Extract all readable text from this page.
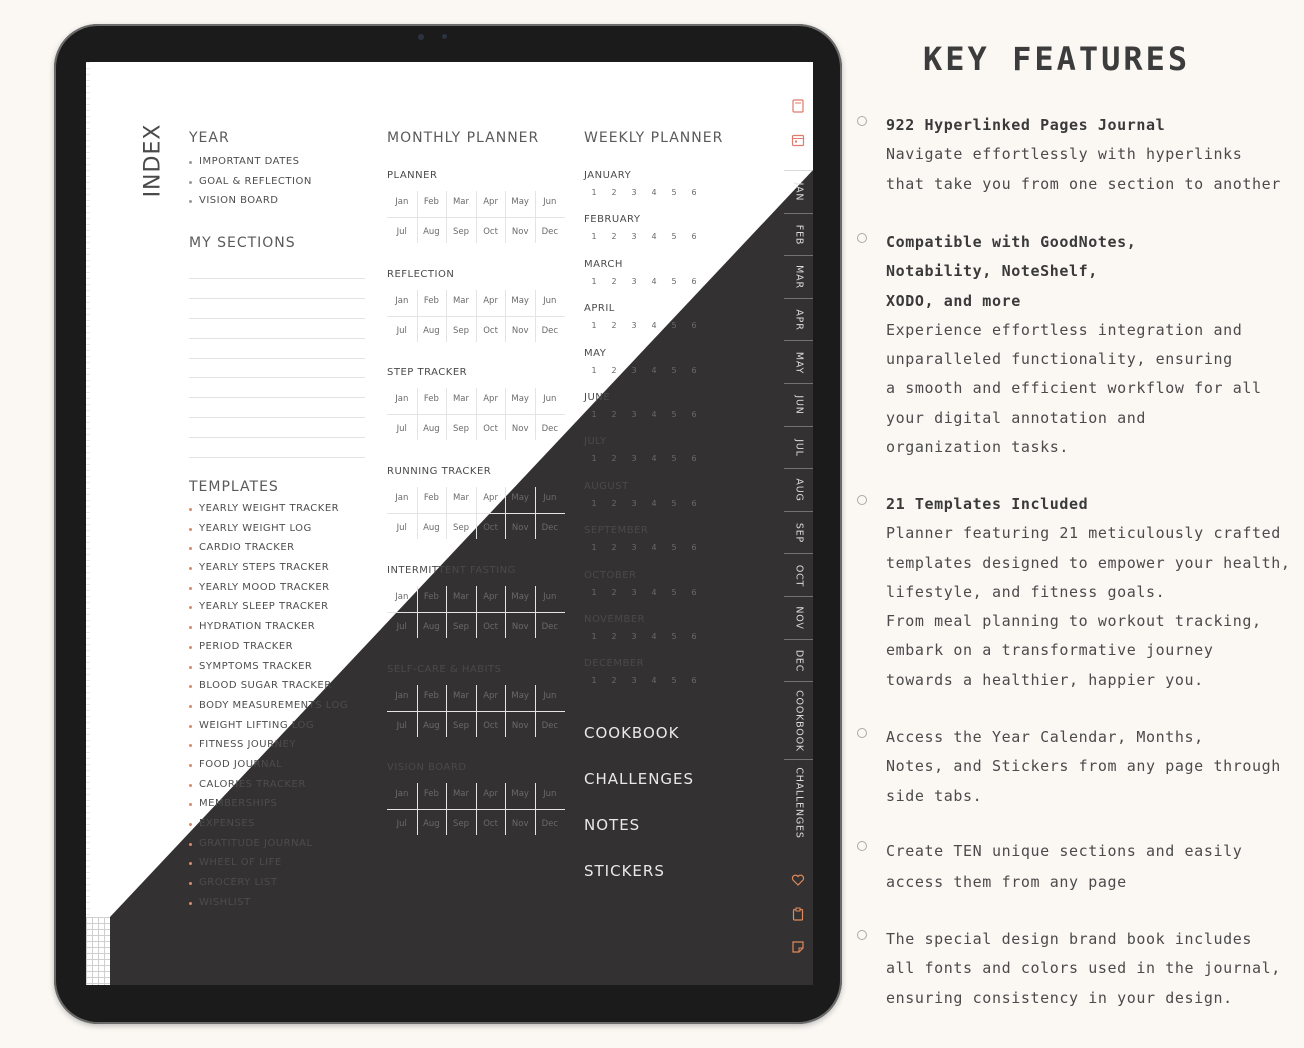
INDEX YEAR
IMPORTANT DATES
GOAL & REFLECTION
VISION BOARD
MY SECTIONS
TEMPLATES
YEARLY WEIGHT TRACKER
YEARLY WEIGHT LOG
CARDIO TRACKER
YEARLY STEPS TRACKER
YEARLY MOOD TRACKER
YEARLY SLEEP TRACKER
HYDRATION TRACKER
PERIOD TRACKER
SYMPTOMS TRACKER
BLOOD SUGAR TRACKER
BODY MEASUREMENTS LOG
WEIGHT LIFTING LOG
FITNESS JOURNEY
FOOD JOURNAL
CALORIES TRACKER
MEMBERSHIPS
EXPENSES
GRATITUDE JOURNAL
WHEEL OF LIFE
GROCERY LIST
WISHLIST
MONTHLY PLANNER
PLANNER
Jan	Feb	Mar	Apr	May	Jun
Jul	Aug	Sep	Oct	Nov	Dec
REFLECTION
Jan	Feb	Mar	Apr	May	Jun
Jul	Aug	Sep	Oct	Nov	Dec
STEP TRACKER
Jan	Feb	Mar	Apr	May	Jun
Jul	Aug	Sep	Oct	Nov	Dec
RUNNING TRACKER
Jan	Feb	Mar	Apr	May	Jun
Jul	Aug	Sep	Oct	Nov	Dec
INTERMITTENT FASTING
Jan	Feb	Mar	Apr	May	Jun
Jul	Aug	Sep	Oct	Nov	Dec
SELF-CARE & HABITS
Jan	Feb	Mar	Apr	May	Jun
Jul	Aug	Sep	Oct	Nov	Dec
VISION BOARD
Jan	Feb	Mar	Apr	May	Jun
Jul	Aug	Sep	Oct	Nov	Dec
WEEKLY PLANNER
JANUARY
1 2 3 4 5 6
FEBRUARY
1 2 3 4 5 6
MARCH
1 2 3 4 5 6
APRIL
1 2 3 4 5 6
MAY
1 2 3 4 5 6
JUNE
1 2 3 4 5 6
JULY
1 2 3 4 5 6
AUGUST
1 2 3 4 5 6
SEPTEMBER
1 2 3 4 5 6
OCTOBER
1 2 3 4 5 6
NOVEMBER
1 2 3 4 5 6
DECEMBER
1 2 3 4 5 6
COOKBOOK
CHALLENGES
NOTES
STICKERS
JAN
FEB
MAR
APR
MAY
JUN
JUL
AUG
SEP
OCT
NOV
DEC
COOKBOOK
CHALLENGES
KEY FEATURES
922 Hyperlinked Pages Journal
Navigate effortlessly with hyperlinks
that take you from one section to another
Compatible with GoodNotes,
Notability, NoteShelf,
XODO, and more
Experience effortless integration and
unparalleled functionality, ensuring
a smooth and efficient workflow for all
your digital annotation and
organization tasks.
21 Templates Included
Planner featuring 21 meticulously crafted
templates designed to empower your health,
lifestyle, and fitness goals.
From meal planning to workout tracking,
embark on a transformative journey
towards a healthier, happier you.
Access the Year Calendar, Months,
Notes, and Stickers from any page through
side tabs.
Create TEN unique sections and easily
access them from any page
The special design brand book includes
all fonts and colors used in the journal,
ensuring consistency in your design.
